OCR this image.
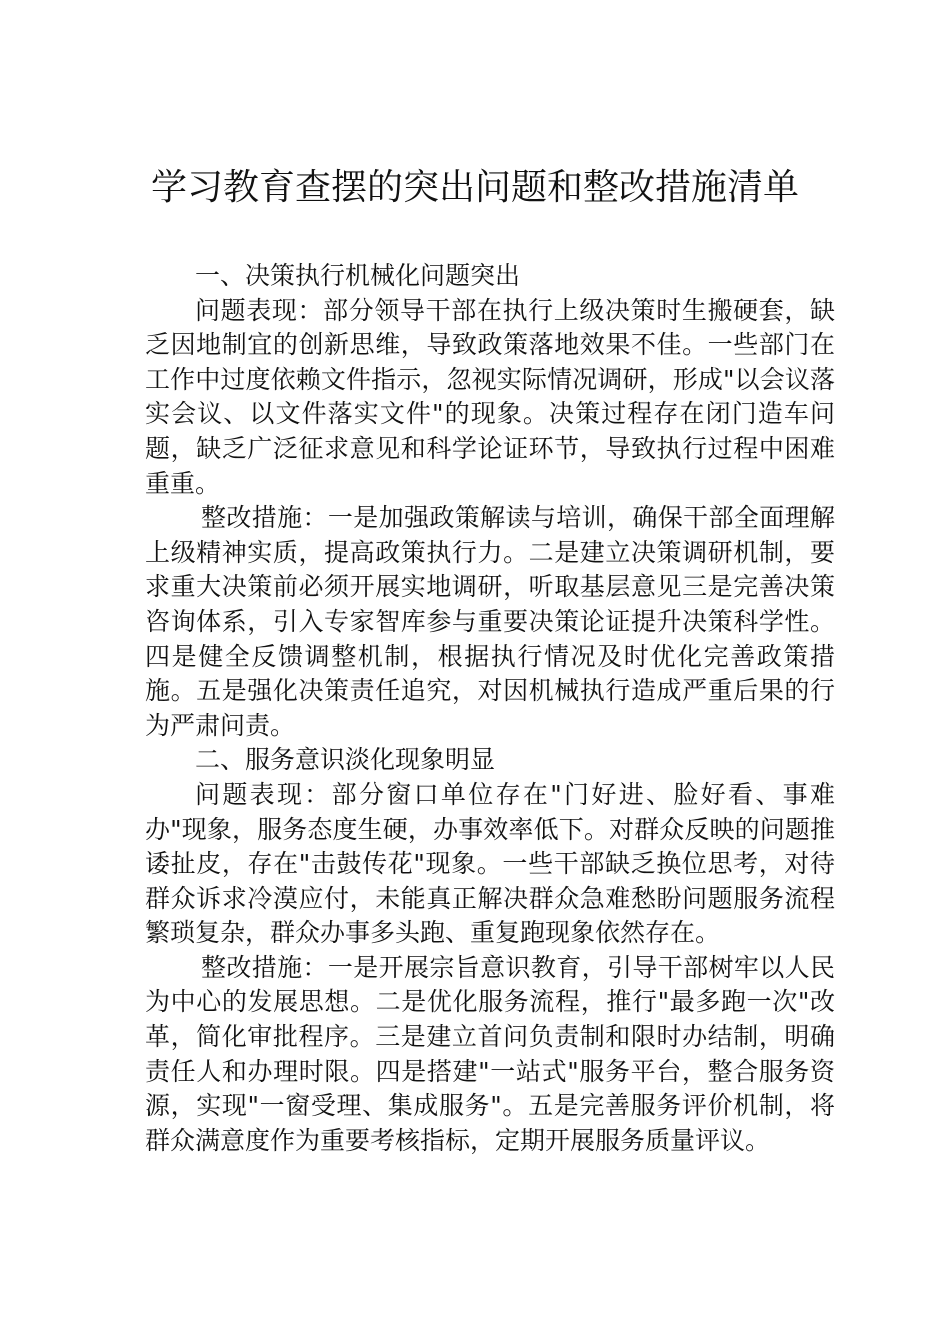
学习教育查摆的突出问题和整改措施清单

一、决策执行机械化问题突出

问题表现：部分领导干部在执行上级决策时生搬硬套，缺乏因地制宜的创新思维，导致政策落地效果不佳。一些部门在工作中过度依赖文件指示，忽视实际情况调研，形成"以会议落实会议、以文件落实文件"的现象。决策过程存在闭门造车问题，缺乏广泛征求意见和科学论证环节，导致执行过程中困难重重。

整改措施：一是加强政策解读与培训，确保干部全面理解上级精神实质，提高政策执行力。二是建立决策调研机制，要求重大决策前必须开展实地调研，听取基层意见三是完善决策咨询体系，引入专家智库参与重要决策论证提升决策科学性。四是健全反馈调整机制，根据执行情况及时优化完善政策措施。五是强化决策责任追究，对因机械执行造成严重后果的行为严肃问责。

二、服务意识淡化现象明显

问题表现：部分窗口单位存在"门好进、脸好看、事难办"现象，服务态度生硬，办事效率低下。对群众反映的问题推诿扯皮，存在"击鼓传花"现象。一些干部缺乏换位思考，对待群众诉求冷漠应付，未能真正解决群众急难愁盼问题服务流程繁琐复杂，群众办事多头跑、重复跑现象依然存在。

整改措施：一是开展宗旨意识教育，引导干部树牢以人民为中心的发展思想。二是优化服务流程，推行"最多跑一次"改革，简化审批程序。三是建立首问负责制和限时办结制，明确责任人和办理时限。四是搭建"一站式"服务平台，整合服务资源，实现"一窗受理、集成服务"。五是完善服务评价机制，将群众满意度作为重要考核指标，定期开展服务质量评议。
